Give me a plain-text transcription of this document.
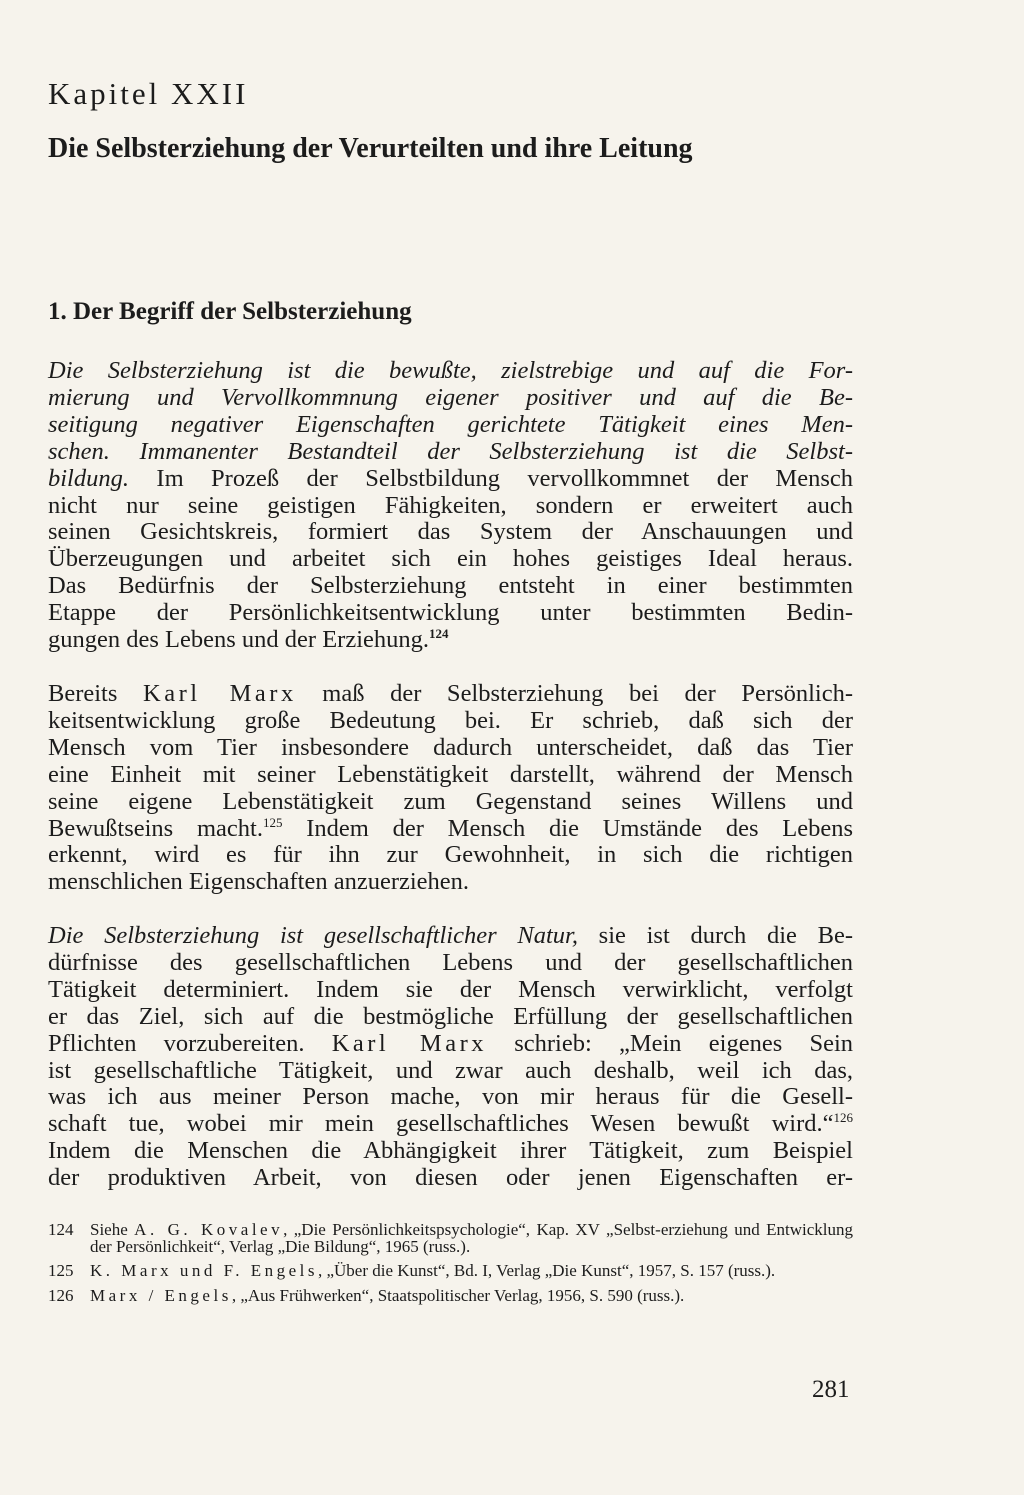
Kapitel XXII
Die Selbsterziehung der Verurteilten und ihre Leitung
1. Der Begriff der Selbsterziehung
Die Selbsterziehung ist die bewußte, zielstrebige und auf die For-
mierung und Vervollkommnung eigener positiver und auf die Be-
seitigung negativer Eigenschaften gerichtete Tätigkeit eines Men-
schen. Immanenter Bestandteil der Selbsterziehung ist die Selbst-
bildung. Im Prozeß der Selbstbildung vervollkommnet der Mensch
nicht nur seine geistigen Fähigkeiten, sondern er erweitert auch
seinen Gesichtskreis, formiert das System der Anschauungen und
Überzeugungen und arbeitet sich ein hohes geistiges Ideal heraus.
Das Bedürfnis der Selbsterziehung entsteht in einer bestimmten
Etappe der Persönlichkeitsentwicklung unter bestimmten Bedin-
gungen des Lebens und der Erziehung.$^{124}$
Bereits Karl Marx maß der Selbsterziehung bei der Persönlich-
keitsentwicklung große Bedeutung bei. Er schrieb, daß sich der
Mensch vom Tier insbesondere dadurch unterscheidet, daß das Tier
eine Einheit mit seiner Lebenstätigkeit darstellt, während der Mensch
seine eigene Lebenstätigkeit zum Gegenstand seines Willens und
Bewußtseins macht.$^{125}$ Indem der Mensch die Umstände des Lebens
erkennt, wird es für ihn zur Gewohnheit, in sich die richtigen
menschlichen Eigenschaften anzuerziehen.
Die Selbsterziehung ist gesellschaftlicher Natur, sie ist durch die Be-
dürfnisse des gesellschaftlichen Lebens und der gesellschaftlichen
Tätigkeit determiniert. Indem sie der Mensch verwirklicht, verfolgt
er das Ziel, sich auf die bestmögliche Erfüllung der gesellschaftlichen
Pflichten vorzubereiten. Karl Marx schrieb: „Mein eigenes Sein
ist gesellschaftliche Tätigkeit, und zwar auch deshalb, weil ich das,
was ich aus meiner Person mache, von mir heraus für die Gesell-
schaft tue, wobei mir mein gesellschaftliches Wesen bewußt wird.“$^{126}$
Indem die Menschen die Abhängigkeit ihrer Tätigkeit, zum Beispiel
der produktiven Arbeit, von diesen oder jenen Eigenschaften er-
124 Siehe A. G. Kovalev, „Die Persönlichkeitspsychologie“, Kap. XV „Selbst-erziehung und Entwicklung der Persönlichkeit“, Verlag „Die Bildung“, 1965 (russ.).
125 K. Marx und F. Engels, „Über die Kunst“, Bd. I, Verlag „Die Kunst“, 1957, S. 157 (russ.).
126 Marx / Engels, „Aus Frühwerken“, Staatspolitischer Verlag, 1956, S. 590 (russ.).
281
